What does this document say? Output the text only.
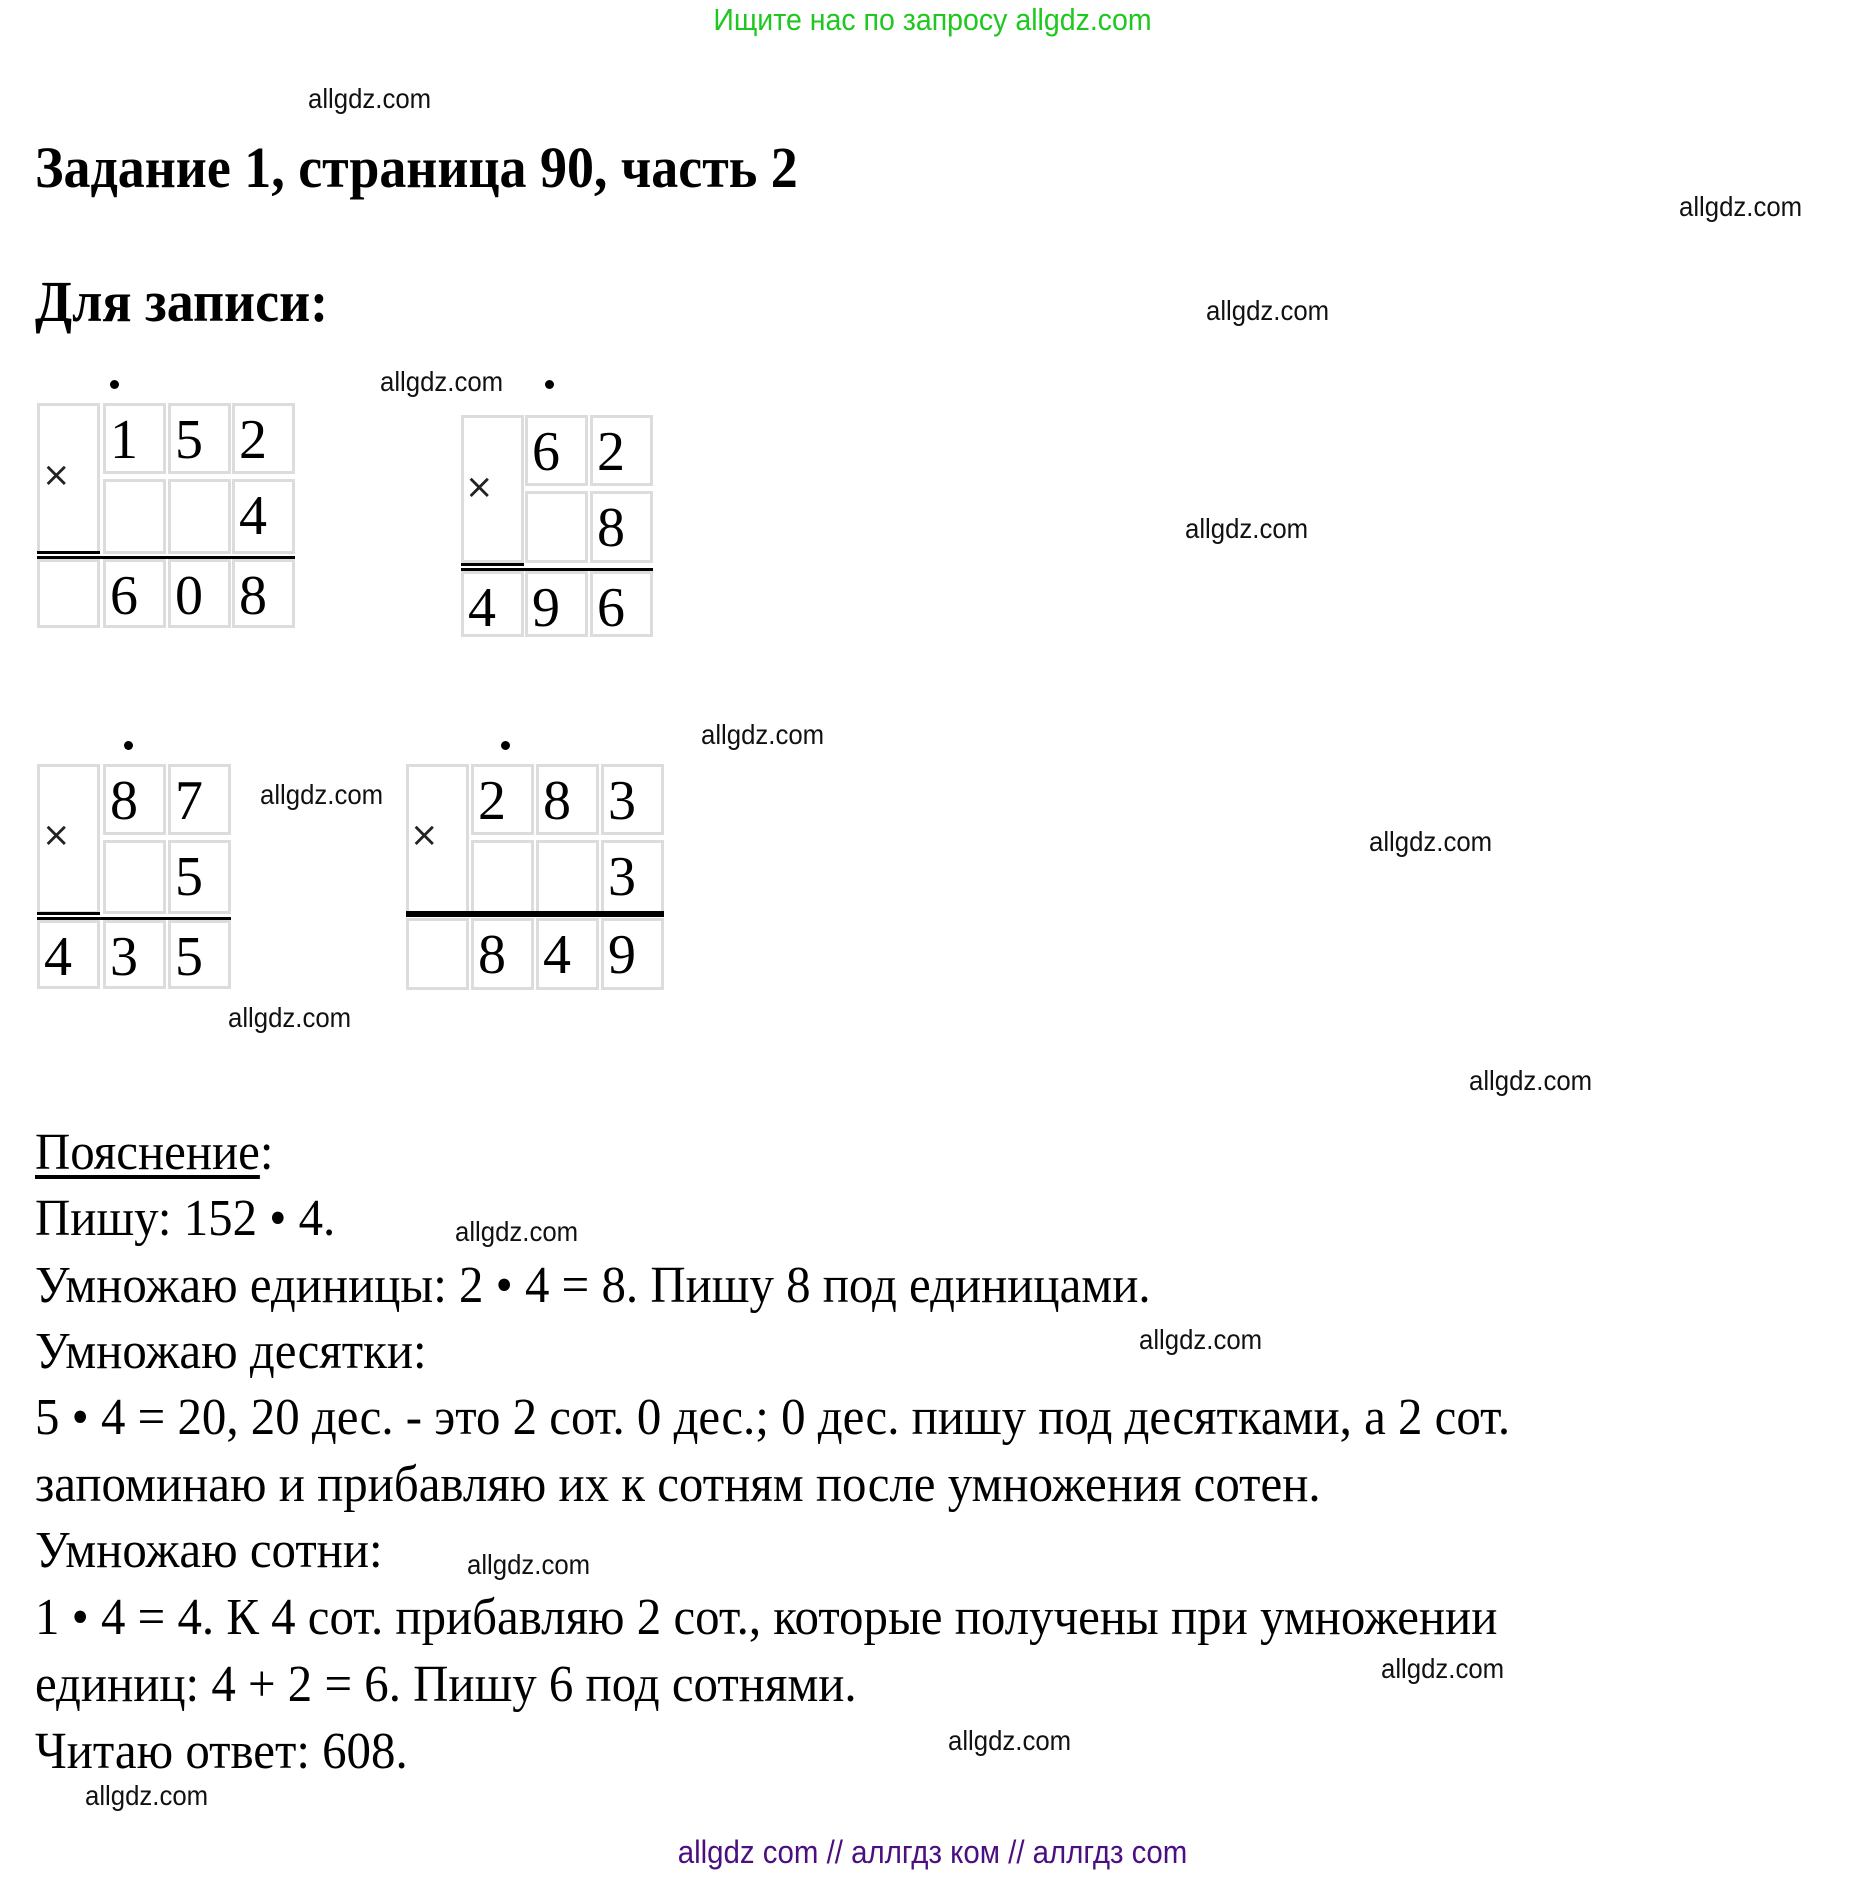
Ищите нас по запросу allgdz.com
allgdz.com
allgdz.com
allgdz.com
allgdz.com
allgdz.com
allgdz.com
allgdz.com
allgdz.com
allgdz.com
allgdz.com
allgdz.com
allgdz.com
allgdz.com
allgdz.com
allgdz.com
allgdz.com
Задание 1, страница 90, часть 2
Для записи:
×
1 5 2
4
6 0 8
×
6 2
8
4 9 6
×
8 7
5
4 3 5
×
2 8 3
3
8 4 9
Пояснение:
Пишу: 152 • 4.
Умножаю единицы: 2 • 4 = 8. Пишу 8 под единицами.
Умножаю десятки:
5 • 4 = 20, 20 дес. - это 2 сот. 0 дес.; 0 дес. пишу под десятками, а 2 сот.
запоминаю и прибавляю их к сотням после умножения сотен.
Умножаю сотни:
1 • 4 = 4. К 4 сот. прибавляю 2 сот., которые получены при умножении
единиц: 4 + 2 = 6. Пишу 6 под сотнями.
Читаю ответ: 608.
allgdz com // аллгдз ком // аллгдз com
